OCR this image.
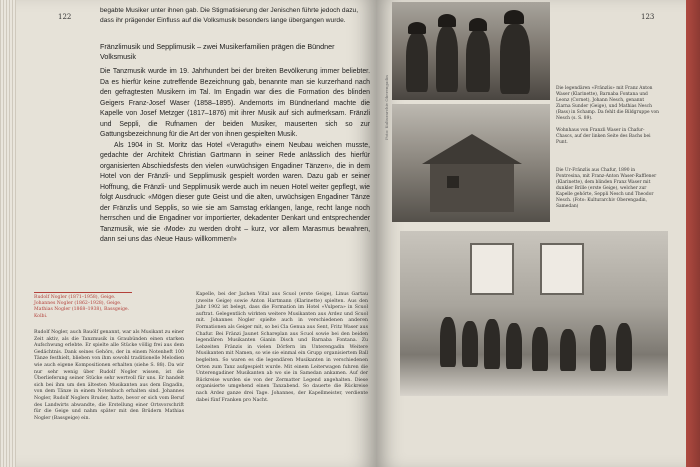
122	123
begabte Musiker unter ihnen gab. Die Stigmatisierung der Jenischen führte jedoch dazu, dass ihr prägender Einfluss auf die Volksmusik besonders lange übergangen wurde.
Fränzlimusik und Sepplimusik – zwei Musikerfamilien prägen die Bündner Volksmusik

Die Tanzmusik wurde im 19. Jahrhundert bei der breiten Bevölkerung immer beliebter. Da es hierfür keine zutreffende Bezeichnung gab, benannte man sie kurzerhand nach den gefragtesten Musikern im Tal. Im Engadin war dies die Formation des blinden Geigers Franz-Josef Waser (1858–1895). Andernorts im Bündnerland machte die Kapelle von Josef Metzger (1817–1876) mit ihrer Musik auf sich aufmerksam. Fränzli und Seppli, die Rufnamen der beiden Musiker, mauserten sich so zur Gattungsbezeichnung für die Art der von ihnen gespielten Musik.

Als 1904 in St. Moritz das Hotel «Veraguth» einem Neubau weichen musste, gedachte der Architekt Christian Gartmann in seiner Rede anlässlich des hierfür organisierten Abschiedsfests den vielen «urwüchsigen Engadiner Tänzen», die in dem Hotel von der Fränzli- und Sepplimusik gespielt worden waren. Dazu gab er seiner Hoffnung, die Fränzli- und Sepplimusik werde auch im neuen Hotel weiter gepflegt, wie folgt Ausdruck: «Mögen dieser gute Geist und die alten, urwüchsigen Engadiner Tänze der Fränzlis und Sepplis, so wie sie am Samstag erklangen, lange, recht lange noch herrschen und die Engadiner vor importierter, dekadenter Denkart und entsprechender Tanzmusik, wie sie ‹Mode› zu werden droht – kurz, vor allem Marasmus bewahren, dann sei uns das ‹Neue Haus› willkommen!»

Rudolf Nogler (1871–1958), Geige. Johannes Nogler (1862–1928), Geige. Mathias Nogler (1868–1938), Bassgeige. Kolbi.
Rudolf Nogler, auch Bauölf genannt, war als Musikant zu einer Zeit aktiv, als die Tanzmusik in Graubünden einen starken Aufschwung erlebte. Er spielte alle Stücke völlig frei aus dem Gedächtnis. Dank seines Gehörs, der in einem Notenheft 100 Tänze festhielt, blieben von ihm sowohl traditionelle Melodien wie auch eigene Kompositionen erhalten (siehe S. 88). Da wir nur sehr wenig über Rudolf Nogler wissen, ist die Überlieferung seiner Stücke sehr wertvoll für uns. Er handelt sich bei ihm um den ältesten Musikanten aus dem Engadin, von dem Tänze in einem Notenbuch erhalten sind. Johannes Nogler, Rudolf Noglers Bruder, hatte, bevor er sich vom Beruf des Landwirts abwandte, die Erstellung einer Ortsvorschrift für die Geige und nahm später mit den Brüdern Mathias Nogler (Bassgeige) ein.
Kapelle, bei der Jachen Vital aus Scuol (erste Geige), Linus Gartau (zweite Geige) sowie Anton Hartmann (Klarinette) spielten. Aus den Jahr 1902 ist belegt, dass die Formation im Hotel «Vulpera» in Scuol auftrat. Gelegentlich wirkten weitere Musikanten aus Ardez und Scuol mit. Johannes Nogler spielte auch in verschiedenen anderen Formationen als Geiger mit, so bei Cla Genua aus Sent, Fritz Waser aus Chafur. Bei Fränzi Jaunet Schareplan aus Scuol sowie bei den beiden legendären Musikanten Gianin Disch und Barnaba Fontana. Zu Lebzeiten Fränzis in vielen Dörfern im Unterengadin Weitere Musikanten mit Namen, so wie sie einmal ein Grupp organisiertem Ball begleiten. So waren es die legendären Musikanten in verschiedenen Orten zum Tanz aufgespielt wurde. Mit einem Leiterwagen fuhren die Unterengadiner Musikanten ab wo sie in Samedan ankamen. Auf der Rückreise wurden sie von der Zermatter Legend angehalten. Diese organisierte umgehend einen Tanzabend. So dauerte die Rückreise nach Ardez ganze drei Tage. Johannes, der Kapellmeister, verdiente dabei fünf Franken pro Nacht.
Die legendären «Fränzlis» mit Franz Anton Waser (Klarinette), Barnaba Fontana und Leonz (Cornet), Johann Nesch, genannt Ziarna Sunder (Geige), und Mathias Nesch (Bass) in Schamp. Da fehlt die Bildgruppe von Nesch (s. S. 89).
Wohnhaus von Franzli Waser in Chafur-Chascs, auf der linken Seite des Bachs bei Punt.
Die Ur-Fränzlis aus Chafur, 1890 in Pontresina, mit Franz-Anton Waser-Rafflener (Klarinette), dem blinden Franz Waser mit dunkler Brille (erste Geige), welcher zur Kapelle gehörte, Seppli Nesch und Theodor Nesch. (Foto: Kulturarchiv Oberengadin, Samedan)
Foto: Kulturarchiv Oberengadin
